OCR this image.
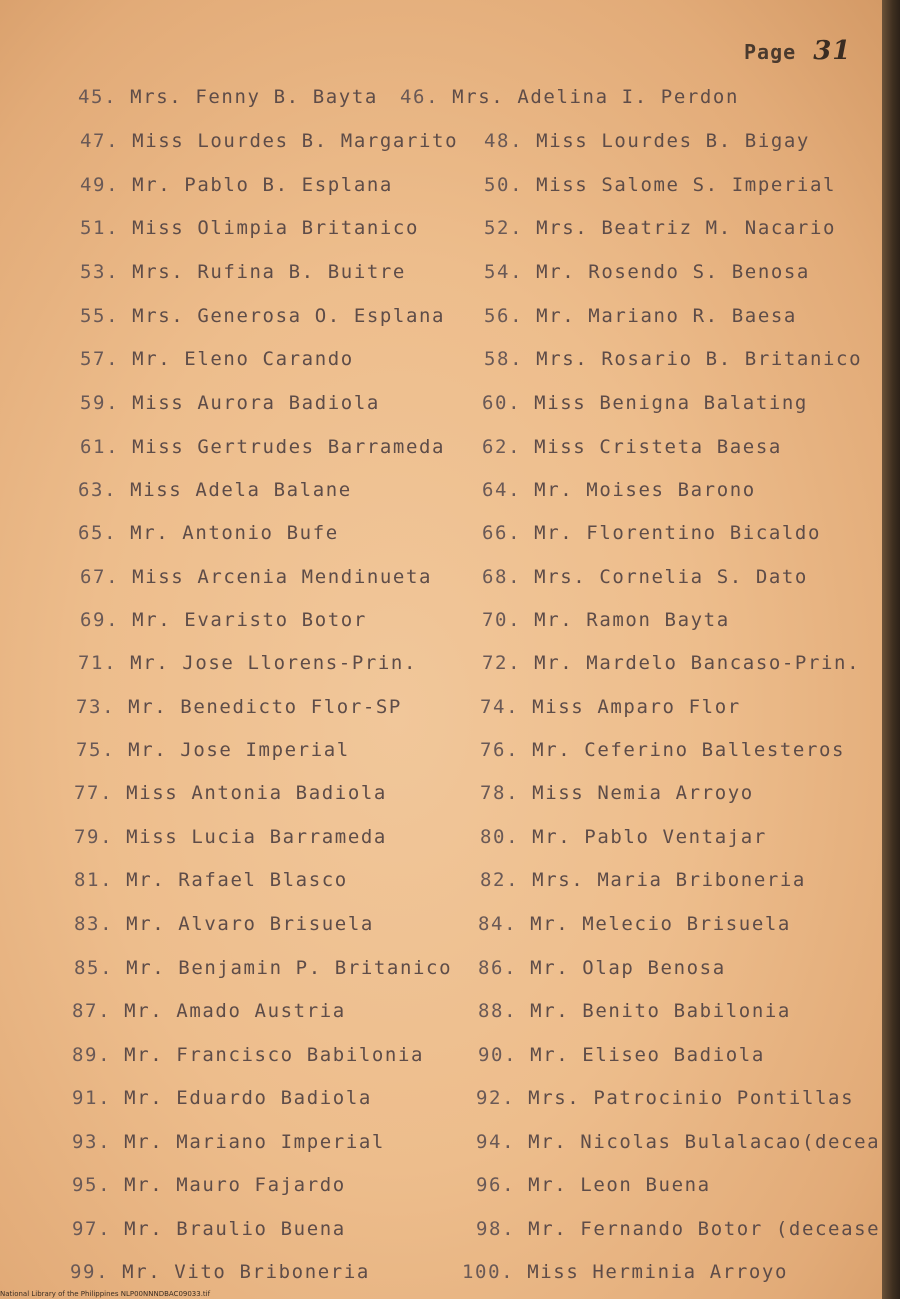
Page 31
45. Mrs. Fenny B. Bayta 46. Mrs. Adelina I. Perdon
47. Miss Lourdes B. Margarito 48. Miss Lourdes B. Bigay
49. Mr. Pablo B. Esplana	50. Miss Salome S. Imperial
51. Miss Olimpia Britanico	52. Mrs. Beatriz M. Nacario
53. Mrs. Rufina B. Buitre	54. Mr. Rosendo S. Benosa
55. Mrs. Generosa O. Esplana 56. Mr. Mariano R. Baesa
57. Mr. Eleno Carando	58. Mrs. Rosario B. Britanico
59. Miss Aurora Badiola	60. Miss Benigna Balating
61. Miss Gertrudes Barrameda 62. Miss Cristeta Baesa
63. Miss Adela Balane	64. Mr. Moises Barono
65. Mr. Antonio Bufe	66. Mr. Florentino Bicaldo
67. Miss Arcenia Mendinueta	68. Mrs. Cornelia S. Dato
69. Mr. Evaristo Botor	70. Mr. Ramon Bayta
71. Mr. Jose Llorens-Prin.	72. Mr. Mardelo Bancaso-Prin.
73. Mr. Benedicto Flor-SP	74. Miss Amparo Flor
75. Mr. Jose Imperial	76. Mr. Ceferino Ballesteros
77. Miss Antonia Badiola	78. Miss Nemia Arroyo
79. Miss Lucia Barrameda	80. Mr. Pablo Ventajar
81. Mr. Rafael Blasco	82. Mrs. Maria Briboneria
83. Mr. Alvaro Brisuela	84. Mr. Melecio Brisuela
85. Mr. Benjamin P. Britanico 86. Mr. Olap Benosa
87. Mr. Amado Austria	88. Mr. Benito Babilonia
89. Mr. Francisco Babilonia	90. Mr. Eliseo Badiola
91. Mr. Eduardo Badiola	92. Mrs. Patrocinio Pontillas
93. Mr. Mariano Imperial	94. Mr. Nicolas Bulalacao(decea
95. Mr. Mauro Fajardo	96. Mr. Leon Buena
97. Mr. Braulio Buena	98. Mr. Fernando Botor (decease
99. Mr. Vito Briboneria	100. Miss Herminia Arroyo
National Library of the Philippines NLP00NNNDBAC09033.tif
